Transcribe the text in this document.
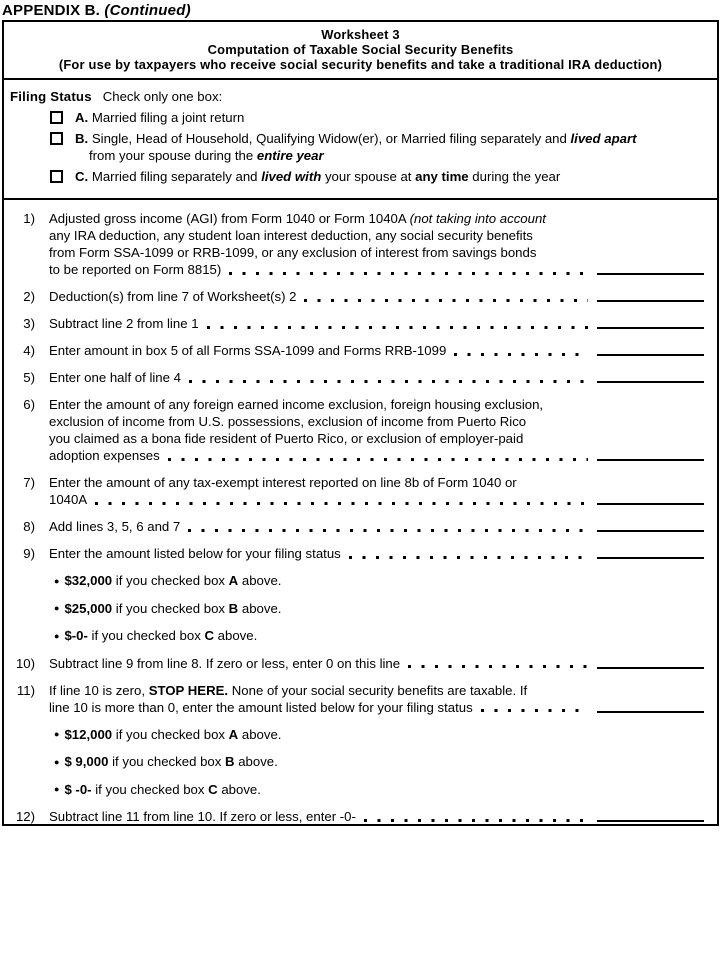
APPENDIX B. (Continued)
Worksheet 3
Computation of Taxable Social Security Benefits
(For use by taxpayers who receive social security benefits and take a traditional IRA deduction)
Filing Status Check only one box:
A. Married filing a joint return
B. Single, Head of Household, Qualifying Widow(er), or Married filing separately and lived apart
from your spouse during the entire year
C. Married filing separately and lived with your spouse at any time during the year
1) Adjusted gross income (AGI) from Form 1040 or Form 1040A (not taking into account
any IRA deduction, any student loan interest deduction, any social security benefits
from Form SSA-1099 or RRB-1099, or any exclusion of interest from savings bonds
to be reported on Form 8815)
2) Deduction(s) from line 7 of Worksheet(s) 2
3) Subtract line 2 from line 1
4) Enter amount in box 5 of all Forms SSA-1099 and Forms RRB-1099
5) Enter one half of line 4
6) Enter the amount of any foreign earned income exclusion, foreign housing exclusion,
exclusion of income from U.S. possessions, exclusion of income from Puerto Rico
you claimed as a bona fide resident of Puerto Rico, or exclusion of employer-paid
adoption expenses
7) Enter the amount of any tax-exempt interest reported on line 8b of Form 1040 or
1040A
8) Add lines 3, 5, 6 and 7
9) Enter the amount listed below for your filing status
● $32,000 if you checked box A above.
● $25,000 if you checked box B above.
● $-0- if you checked box C above.
10) Subtract line 9 from line 8. If zero or less, enter 0 on this line
11) If line 10 is zero, STOP HERE. None of your social security benefits are taxable. If
line 10 is more than 0, enter the amount listed below for your filing status
● $12,000 if you checked box A above.
● $ 9,000 if you checked box B above.
● $ -0- if you checked box C above.
12) Subtract line 11 from line 10. If zero or less, enter -0-
